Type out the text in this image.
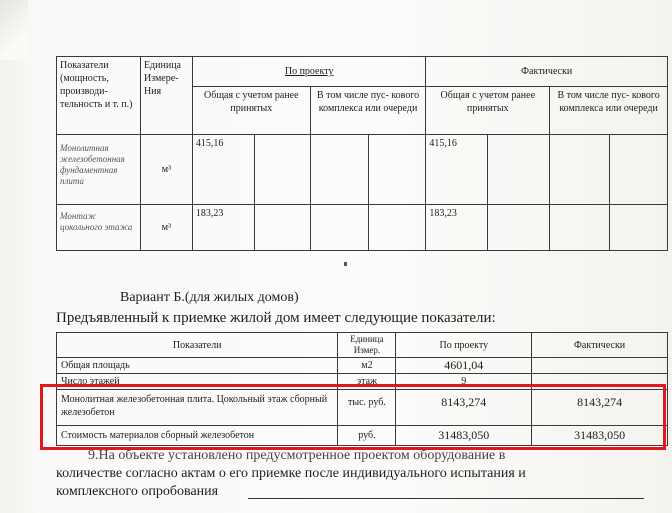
Показатели (мощность, производи- тельность и т. п.)	Единица Измере- Ния	По проекту				Фактически			
		Общая с учетом ранее принятых		В том числе пус- кового комплекса или очереди		Общая с учетом ранее принятых		В том числе пус- кового комплекса или очереди	
Монолитная железобетонная фундаментная плита	м³	415,16				415,16			
Монтаж цокольного этажа	м³	183,23				183,23			
Вариант Б.(для жилых домов)
Предъявленный к приемке жилой дом имеет следующие показатели:
Показатели	Единица Измер.	По проекту	Фактически
Общая площадь	м2	4601,04	
Число этажей	этаж	9	
Монолитная железобетонная плита. Цокольный этаж сборный железобетон	тыс. руб.	8143,274	8143,274
Стоимость материалов сборный железобетон	руб.	31483,050	31483,050
9.На объекте установлено предусмотренное проектом оборудование в
количестве согласно актам о его приемке после индивидуального испытания и
комплексного опробования
